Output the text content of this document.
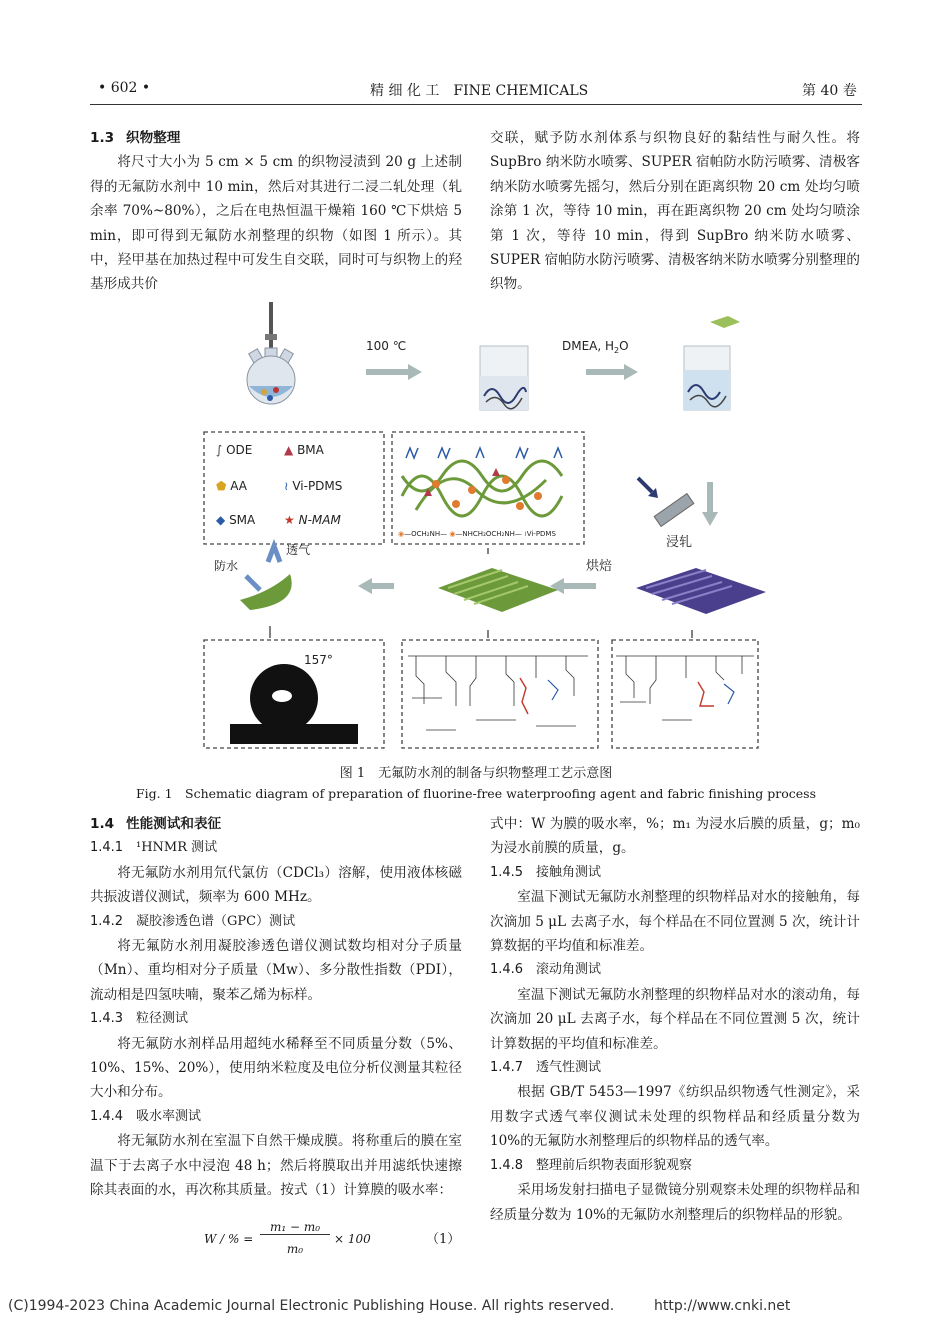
• 602 •	精 细 化 工　FINE CHEMICALS	第 40 卷

1.3 织物整理

将尺寸大小为 5 cm × 5 cm 的织物浸渍到 20 g 上述制得的无氟防水剂中 10 min，然后对其进行二浸二轧处理（轧余率 70%~80%），之后在电热恒温干燥箱 160 ℃下烘焙 5 min，即可得到无氟防水剂整理的织物（如图 1 所示）。其中，羟甲基在加热过程中可发生自交联，同时可与织物上的羟基形成共价

交联，赋予防水剂体系与织物良好的黏结性与耐久性。将 SupBro 纳米防水喷雾、SUPER 宿帕防水防污喷雾、清极客纳米防水喷雾先摇匀，然后分别在距离织物 20 cm 处均匀喷涂第 1 次，等待 10 min，再在距离织物 20 cm 处均匀喷涂第 1 次，等待 10 min，得到 SupBro 纳米防水喷雾、SUPER 宿帕防水防污喷雾、清极客纳米防水喷雾分别整理的织物。

100 ℃	DMEA, $H_2O$
∫ ODE	▲ BMA
⬟ AA	≀ Vi-PDMS
◆ SMA ★ N-MAM
◉—OCH₂NH— ◉—NHCH₂OCH₂NH— ≀Vi-PDMS
浸轧
烘焙
防水
透气
157°
图 1　无氟防水剂的制备与织物整理工艺示意图
Fig. 1　Schematic diagram of preparation of fluorine-free waterproofing agent and fabric finishing process

1.4 性能测试和表征

1.4.1 ¹HNMR 测试

将无氟防水剂用氘代氯仿（CDCl₃）溶解，使用液体核磁共振波谱仪测试，频率为 600 MHz。

1.4.2 凝胶渗透色谱（GPC）测试

将无氟防水剂用凝胶渗透色谱仪测试数均相对分子质量（Mn）、重均相对分子质量（Mw）、多分散性指数（PDI），流动相是四氢呋喃，聚苯乙烯为标样。

1.4.3 粒径测试

将无氟防水剂样品用超纯水稀释至不同质量分数（5%、10%、15%、20%），使用纳米粒度及电位分析仪测量其粒径大小和分布。

1.4.4 吸水率测试

将无氟防水剂在室温下自然干燥成膜。将称重后的膜在室温下于去离子水中浸泡 48 h；然后将膜取出并用滤纸快速擦除其表面的水，再次称其质量。按式（1）计算膜的吸水率：

W / % =
m₁ − m₀
m₀
× 100	（1）

式中：W 为膜的吸水率，%；m₁ 为浸水后膜的质量，g；m₀ 为浸水前膜的质量，g。

1.4.5 接触角测试

室温下测试无氟防水剂整理的织物样品对水的接触角，每次滴加 5 μL 去离子水，每个样品在不同位置测 5 次，统计计算数据的平均值和标准差。

1.4.6 滚动角测试

室温下测试无氟防水剂整理的织物样品对水的滚动角，每次滴加 20 μL 去离子水，每个样品在不同位置测 5 次，统计计算数据的平均值和标准差。

1.4.7 透气性测试

根据 GB/T 5453—1997《纺织品织物透气性测定》，采用数字式透气率仪测试未处理的织物样品和经质量分数为 10%的无氟防水剂整理后的织物样品的透气率。

1.4.8 整理前后织物表面形貌观察

采用场发射扫描电子显微镜分别观察未处理的织物样品和经质量分数为 10%的无氟防水剂整理后的织物样品的形貌。

(C)1994-2023 China Academic Journal Electronic Publishing House. All rights reserved.	http://www.cnki.net
